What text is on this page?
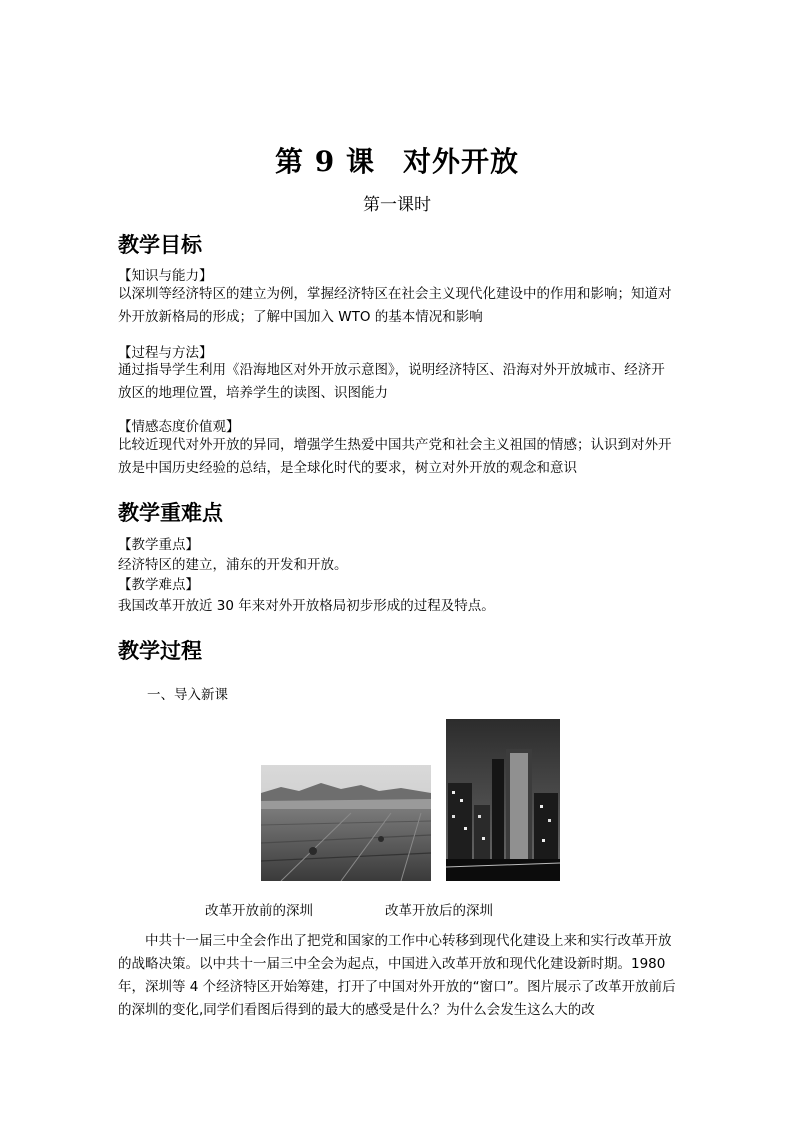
第 9 课 对外开放
第一课时
教学目标
【知识与能力】
以深圳等经济特区的建立为例，掌握经济特区在社会主义现代化建设中的作用和影响；知道对外开放新格局的形成；了解中国加入 WTO 的基本情况和影响
【过程与方法】
通过指导学生利用《沿海地区对外开放示意图》，说明经济特区、沿海对外开放城市、经济开放区的地理位置，培养学生的读图、识图能力
【情感态度价值观】
比较近现代对外开放的异同，增强学生热爱中国共产党和社会主义祖国的情感；认识到对外开放是中国历史经验的总结，是全球化时代的要求，树立对外开放的观念和意识
教学重难点
【教学重点】
经济特区的建立，浦东的开发和开放。
【教学难点】
我国改革开放近 30 年来对外开放格局初步形成的过程及特点。
教学过程
一、导入新课
改革开放前的深圳	改革开放后的深圳
中共十一届三中全会作出了把党和国家的工作中心转移到现代化建设上来和实行改革开放的战略决策。以中共十一届三中全会为起点，中国进入改革开放和现代化建设新时期。1980 年，深圳等 4 个经济特区开始筹建，打开了中国对外开放的“窗口”。图片展示了改革开放前后的深圳的变化,同学们看图后得到的最大的感受是什么？为什么会发生这么大的改
